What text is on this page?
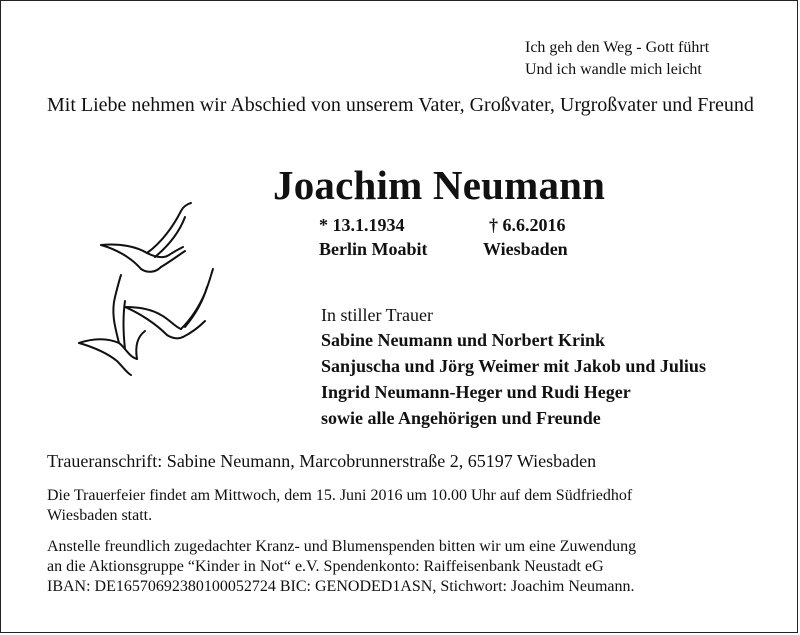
Ich geh den Weg - Gott führt
Und ich wandle mich leicht
Mit Liebe nehmen wir Abschied von unserem Vater, Großvater, Urgroßvater und Freund
Joachim Neumann
* 13.1.1934
Berlin Moabit
† 6.6.2016
Wiesbaden
In stiller Trauer
Sabine Neumann und Norbert Krink
Sanjuscha und Jörg Weimer mit Jakob und Julius
Ingrid Neumann-Heger und Rudi Heger
sowie alle Angehörigen und Freunde
Traueranschrift: Sabine Neumann, Marcobrunnerstraße 2, 65197 Wiesbaden
Die Trauerfeier findet am Mittwoch, dem 15. Juni 2016 um 10.00 Uhr auf dem Südfriedhof
Wiesbaden statt.
Anstelle freundlich zugedachter Kranz- und Blumenspenden bitten wir um eine Zuwendung
an die Aktionsgruppe “Kinder in Not“ e.V. Spendenkonto: Raiffeisenbank Neustadt eG
IBAN: DE16570692380100052724 BIC: GENODED1ASN, Stichwort: Joachim Neumann.
